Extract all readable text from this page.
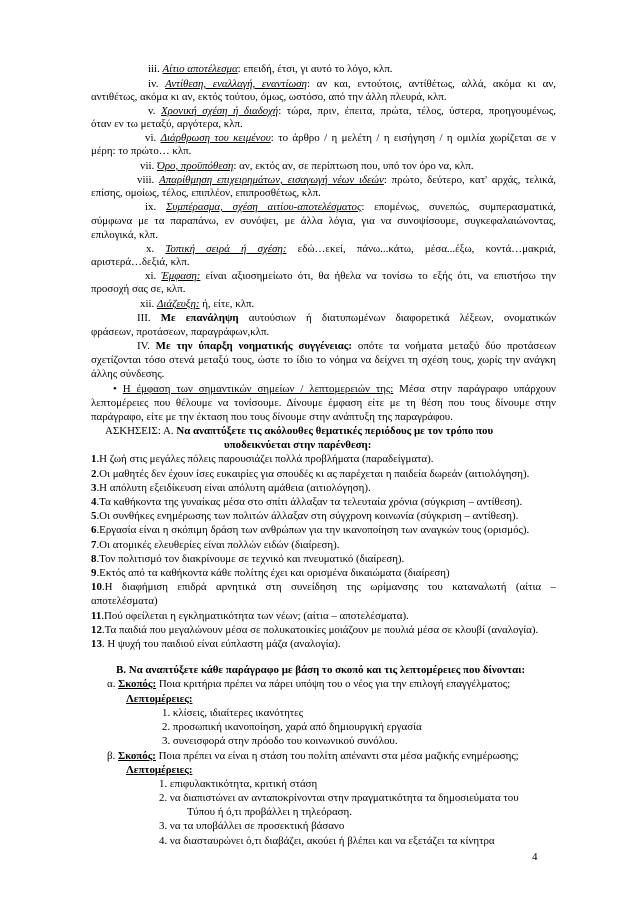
iii. Αίτιο αποτέλεσμα: επειδή, έτσι, γι αυτό το λόγο, κλπ.
iv. Αντίθεση, εναλλαγή, εναντίωση: αν και, εντούτοις, αντίθέτως, αλλά, ακόμα κι αν,
αντιθέτως, ακόμα κι αν, εκτός τούτου, όμως, ωστόσο, από την άλλη πλευρά, κλπ.
v. Χρονική σχέση ή διαδοχή: τώρα, πριν, έπειτα, πρώτα, τέλος, ύστερα, προηγουμένως,
όταν εν τω μεταξύ, αργότερα, κλπ.
vi. Διάρθρωση του κειμένου: το άρθρο / η μελέτη / η εισήγηση / η ομιλία χωρίζεται σε ν
μέρη: το πρώτο… κλπ.
vii. Όρο, προϋπόθεση: αν, εκτός αν, σε περίπτωση που, υπό τον όρο να, κλπ.
viii. Απαρίθμηση επιχειρημάτων, εισαγωγή νέων ιδεών: πρώτο, δεύτερο, κατ' αρχάς, τελικά,
επίσης, ομοίως, τέλος, επιπλέον, επιπροσθέτως, κλπ.
ix. Συμπέρασμα, σχέση αιτίου-αποτελέσματος: επομένως, συνεπώς, συμπερασματικά,
σύμφωνα με τα παραπάνω, εν συνόψει, με άλλα λόγια, για να συνοψίσουμε, συγκεφαλαιώνοντας,
επιλογικά, κλπ.
x. Τοπική σειρά ή σχέση: εδώ…εκεί, πάνω...κάτω, μέσα...έξω, κοντά…μακριά,
αριστερά…δεξιά, κλπ.
xi. Έμφαση: είναι αξιοσημείωτο ότι, θα ήθελα να τονίσω το εξής ότι, να επιστήσω την
προσοχή σας σε, κλπ.
xii. Διάζευξη: ή, είτε, κλπ.
III. Με επανάληψη αυτούσιων ή διατυπωμένων διαφορετικά λέξεων, ονοματικών
φράσεων, προτάσεων, παραγράφων,κλπ.
IV. Με την ύπαρξη νοηματικής συγγένειας: οπότε τα νοήματα μεταξύ δύο προτάσεων
σχετίζονται τόσο στενά μεταξύ τους, ώστε το ίδιο το νόημα να δείχνει τη σχέση τους, χωρίς την ανάγκη
άλλης σύνδεσης.
• Η έμφαση των σημαντικών σημείων / λεπτομερειών της: Μέσα στην παράγραφο υπάρχουν
λεπτομέρειες που θέλουμε να τονίσουμε. Δίνουμε έμφαση είτε με τη θέση που τους δίνουμε στην
παράγραφο, είτε με την έκταση που τους δίνουμε στην ανάπτυξη της παραγράφου.
ΑΣΚΗΣΕΙΣ: Α. Να αναπτύξετε τις ακόλουθες θεματικές περιόδους με τον τρόπο που
υποδεικνύεται στην παρένθεση:
1.Η ζωή στις μεγάλες πόλεις παρουσιάζει πολλά προβλήματα (παραδείγματα).
2.Οι μαθητές δεν έχουν ίσες ευκαιρίες για σπουδές κι ας παρέχεται η παιδεία δωρεάν (αιτιολόγηση).
3.Η απόλυτη εξειδίκευση είναι απόλυτη αμάθεια (αιτιολόγηση).
4.Τα καθήκοντα της γυναίκας μέσα στο σπίτι άλλαξαν τα τελευταία χρόνια (σύγκριση – αντίθεση).
5.Οι συνθήκες ενημέρωσης των πολιτών άλλαξαν στη σύγχρονη κοινωνία (σύγκριση – αντίθεση).
6.Εργασία είναι η σκόπιμη δράση των ανθρώπων για την ικανοποίηση των αναγκών τους (ορισμός).
7.Οι ατομικές ελευθερίες είναι πολλών ειδών (διαίρεση).
8.Τον πολιτισμό τον διακρίνουμε σε τεχνικό και πνευματικό (διαίρεση).
9.Εκτός από τα καθήκοντα κάθε πολίτης έχει και ορισμένα δικαιώματα (διαίρεση)
10.Η διαφήμιση επιδρά αρνητικά στη συνείδηση της ωρίμανσης του καταναλωτή (αίτια –
αποτελέσματα)
11.Πού οφείλεται η εγκληματικότητα των νέων; (αίτια – αποτελέσματα).
12.Τα παιδιά που μεγαλώνουν μέσα σε πολυκατοικίες μοιάζουν με πουλιά μέσα σε κλουβί (αναλογία).
13. Η ψυχή του παιδιού είναι εύπλαστη μάζα (αναλογία).
Β. Να αναπτύξετε κάθε παράγραφο με βάση το σκοπό και τις λεπτομέρειες που δίνονται:
α. Σκοπός: Ποια κριτήρια πρέπει να πάρει υπόψη του ο νέος για την επιλογή επαγγέλματος;
Λεπτομέρειες:
1. κλίσεις, ιδιαίτερες ικανότητες
2. προσωπική ικανοποίηση, χαρά από δημιουργική εργασία
3. συνεισφορά στην πρόοδο του κοινωνικού συνόλου.
β. Σκοπός: Ποια πρέπει να είναι η στάση του πολίτη απέναντι στα μέσα μαζικής ενημέρωσης;
Λεπτομέρειες:
1. επιφυλακτικότητα, κριτική στάση
2. να διαπιστώνει αν ανταποκρίνονται στην πραγματικότητα τα δημοσιεύματα του
Τύπου ή ό,τι προβάλλει η τηλεόραση.
3. να τα υποβάλλει σε προσεκτική βάσανο
4. να διασταυρώνει ό,τι διαβάζει, ακούει ή βλέπει και να εξετάζει τα κίνητρα
4
